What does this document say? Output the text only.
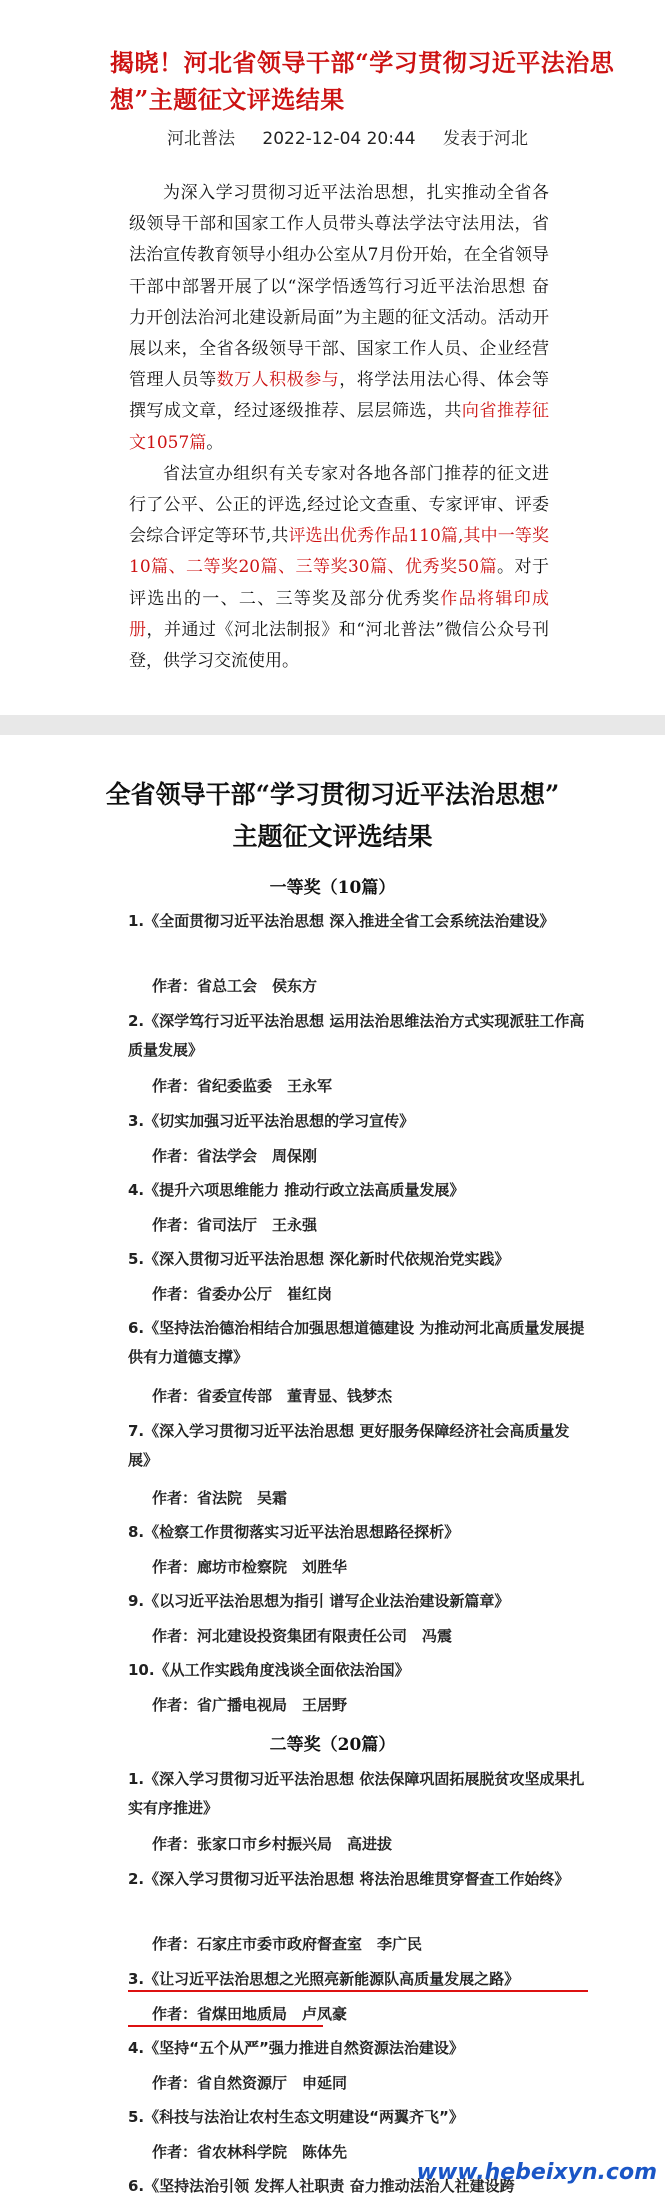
揭晓！河北省领导干部“学习贯彻习近平法治思想”主题征文评选结果
河北普法 2022-12-04 20:44 发表于河北

为深入学习贯彻习近平法治思想，扎实推动全省各级领导干部和国家工作人员带头尊法学法守法用法，省法治宣传教育领导小组办公室从7月份开始，在全省领导干部中部署开展了以“深学悟透笃行习近平法治思想 奋力开创法治河北建设新局面”为主题的征文活动。活动开展以来，全省各级领导干部、国家工作人员、企业经营管理人员等数万人积极参与，将学法用法心得、体会等撰写成文章，经过逐级推荐、层层筛选，共向省推荐征文1057篇。

省法宣办组织有关专家对各地各部门推荐的征文进行了公平、公正的评选,经过论文查重、专家评审、评委会综合评定等环节,共评选出优秀作品110篇,其中一等奖10篇、二等奖20篇、三等奖30篇、优秀奖50篇。对于评选出的一、二、三等奖及部分优秀奖作品将辑印成册，并通过《河北法制报》和“河北普法”微信公众号刊登，供学习交流使用。

全省领导干部“学习贯彻习近平法治思想”
主题征文评选结果
一等奖（10篇）
1.《全面贯彻习近平法治思想 深入推进全省工会系统法治建设》
作者：省总工会　侯东方
2.《深学笃行习近平法治思想 运用法治思维法治方式实现派驻工作高质量发展》
作者：省纪委监委　王永军
3.《切实加强习近平法治思想的学习宣传》
作者：省法学会　周保刚
4.《提升六项思维能力 推动行政立法高质量发展》
作者：省司法厅　王永强
5.《深入贯彻习近平法治思想 深化新时代依规治党实践》
作者：省委办公厅　崔红岗
6.《坚持法治德治相结合加强思想道德建设 为推动河北高质量发展提供有力道德支撑》
作者：省委宣传部　董青显、钱梦杰
7.《深入学习贯彻习近平法治思想 更好服务保障经济社会高质量发展》
作者：省法院　吴霜
8.《检察工作贯彻落实习近平法治思想路径探析》
作者：廊坊市检察院　刘胜华
9.《以习近平法治思想为指引 谱写企业法治建设新篇章》
作者：河北建设投资集团有限责任公司　冯震
10.《从工作实践角度浅谈全面依法治国》
作者：省广播电视局　王居野
二等奖（20篇）
1.《深入学习贯彻习近平法治思想 依法保障巩固拓展脱贫攻坚成果扎实有序推进》
作者：张家口市乡村振兴局　高进拔
2.《深入学习贯彻习近平法治思想 将法治思维贯穿督查工作始终》
作者：石家庄市委市政府督查室　李广民
3.《让习近平法治思想之光照亮新能源队高质量发展之路》
作者：省煤田地质局　卢凤豪
4.《坚持“五个从严”强力推进自然资源法治建设》
作者：省自然资源厅　申延同
5.《科技与法治让农村生态文明建设“两翼齐飞”》
作者：省农林科学院　陈体先
6.《坚持法治引领 发挥人社职责 奋力推动法治人社建设跨
www.hebeixyn.com
